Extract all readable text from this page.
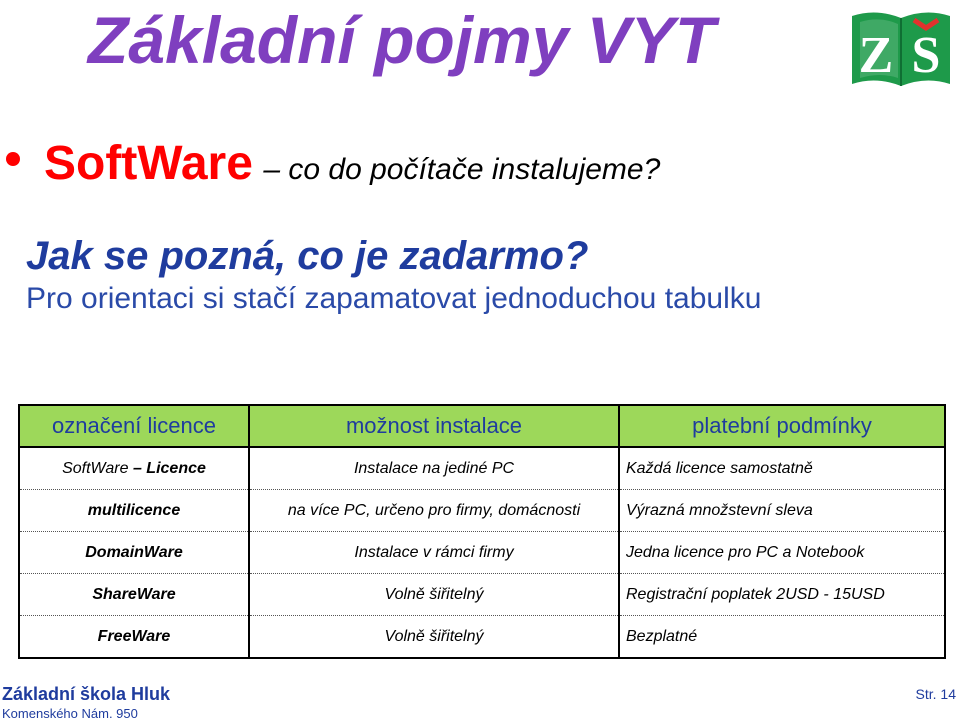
Základní pojmy VYT	Z S
SoftWare – co do počítače instalujeme?
Jak se pozná, co je zadarmo?
Pro orientaci si stačí zapamatovat jednoduchou tabulku
označení licence	možnost instalace	platební podmínky
SoftWare – Licence	Instalace na jediné PC	Každá licence samostatně
multilicence	na více PC, určeno pro firmy, domácnosti	Výrazná množstevní sleva
DomainWare	Instalace v rámci firmy	Jedna licence pro PC a Notebook
ShareWare	Volně šiřitelný	Registrační poplatek 2USD - 15USD
FreeWare	Volně šiřitelný	Bezplatné
Základní škola Hluk
Komenského Nám. 950
Str. 14
